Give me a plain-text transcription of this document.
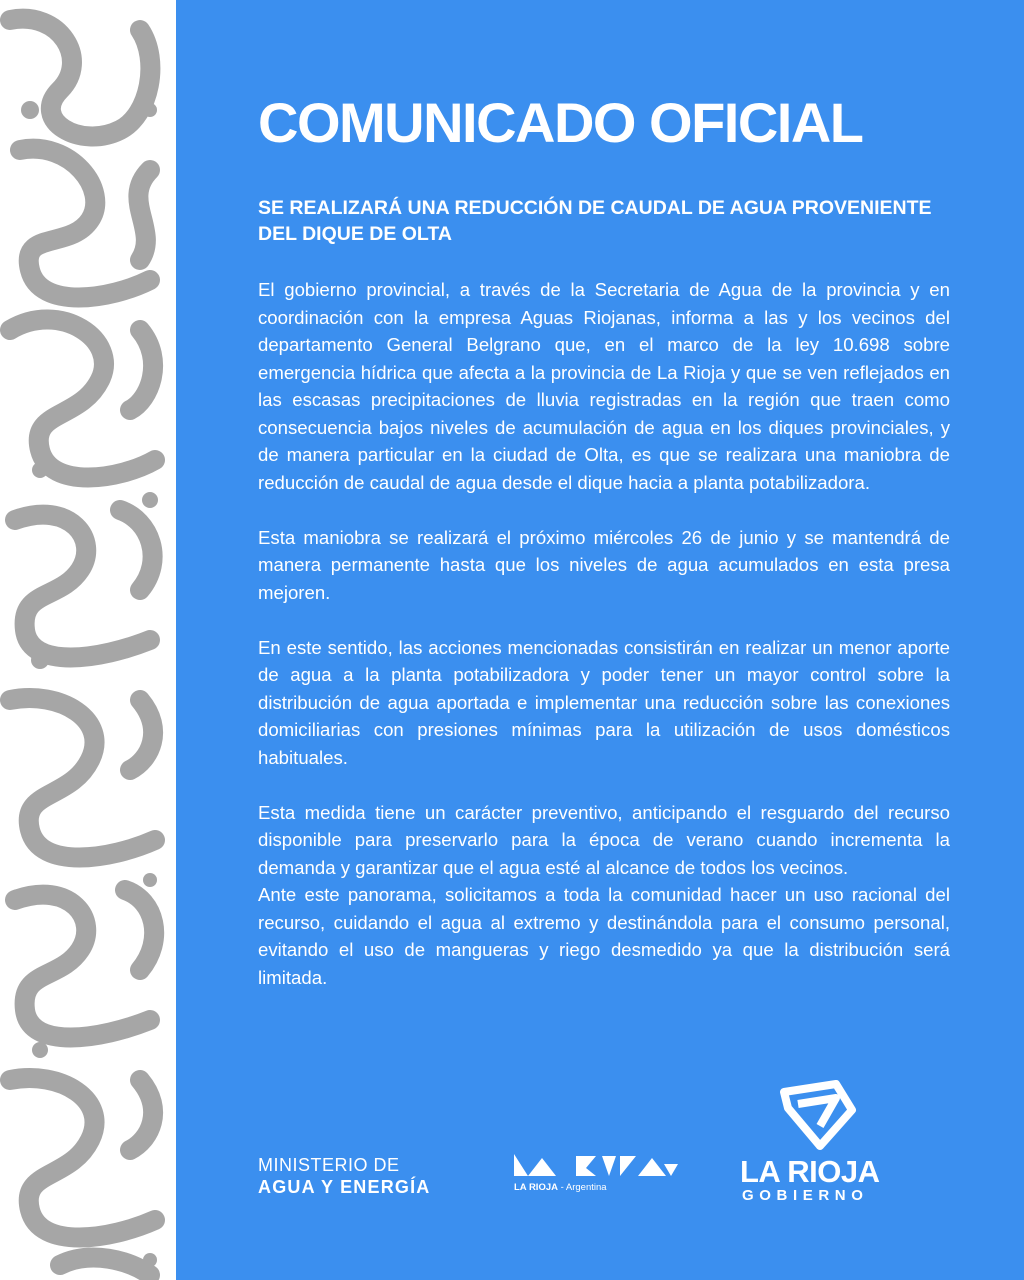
COMUNICADO OFICIAL
SE REALIZARÁ UNA REDUCCIÓN DE CAUDAL DE AGUA PROVENIENTE
DEL DIQUE DE OLTA

El gobierno provincial, a través de la Secretaria de Agua de la provincia y en coordinación con la empresa Aguas Riojanas, informa a las y los vecinos del departamento General Belgrano que, en el marco de la ley 10.698 sobre emergencia hídrica que afecta a la provincia de La Rioja y que se ven reflejados en las escasas precipitaciones de lluvia registradas en la región que traen como consecuencia bajos niveles de acumulación de agua en los diques provinciales, y de manera particular en la ciudad de Olta, es que se realizara una maniobra de reducción de caudal de agua desde el dique hacia a planta potabilizadora.

Esta maniobra se realizará el próximo miércoles 26 de junio y se mantendrá de manera permanente hasta que los niveles de agua acumulados en esta presa mejoren.

En este sentido, las acciones mencionadas consistirán en realizar un menor aporte de agua a la planta potabilizadora y poder tener un mayor control sobre la distribución de agua aportada e implementar una reducción sobre las conexiones domiciliarias con presiones mínimas para la utilización de usos domésticos habituales.

Esta medida tiene un carácter preventivo, anticipando el resguardo del recurso disponible para preservarlo para la época de verano cuando incrementa la demanda y garantizar que el agua esté al alcance de todos los vecinos.

Ante este panorama, solicitamos a toda la comunidad hacer un uso racional del recurso, cuidando el agua al extremo y destinándola para el consumo personal, evitando el uso de mangueras y riego desmedido ya que la distribución será limitada.

MINISTERIO DE
AGUA Y ENERGÍA	LA RIOJA - Argentina	LA RIOJA
GOBIERNO
